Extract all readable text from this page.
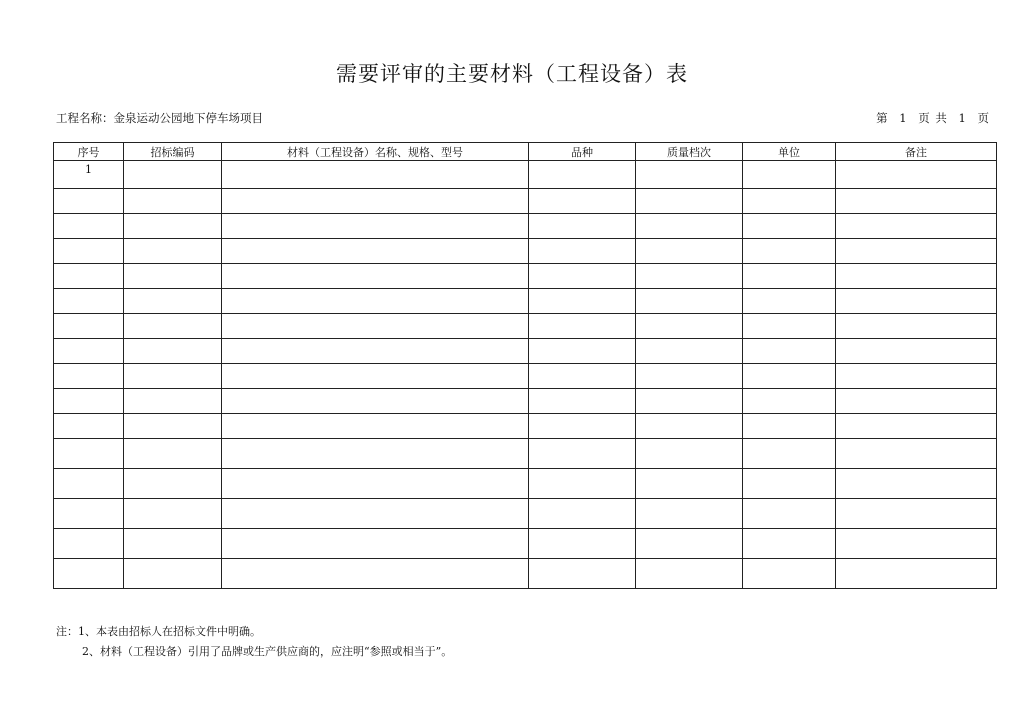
需要评审的主要材料（工程设备）表
工程名称：金泉运动公园地下停车场项目	第 1 页 共 1 页
序号	招标编码	材料（工程设备）名称、规格、型号	品种	质量档次	单位	备注
1						

注：1、本表由招标人在招标文件中明确。
2、材料（工程设备）引用了品牌或生产供应商的，应注明“参照或相当于”。
